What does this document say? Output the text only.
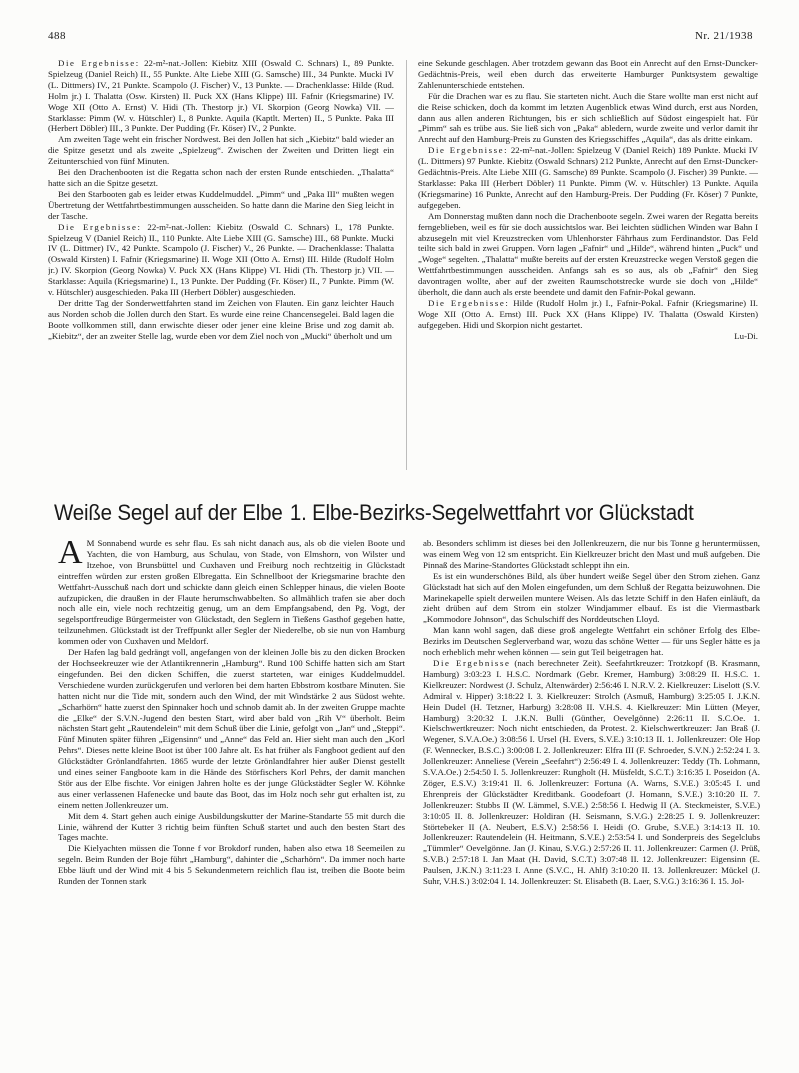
488	Nr. 21/1938

Die Ergebnisse: 22-m²-nat.-Jollen: Kiebitz XIII (Oswald C. Schnars) I., 89 Punkte. Spielzeug (Daniel Reich) II., 55 Punkte. Alte Liebe XIII (G. Samsche) III., 34 Punkte. Mucki IV (L. Dittmers) IV., 21 Punkte. Scampolo (J. Fischer) V., 13 Punkte. — Drachenklasse: Hilde (Rud. Holm jr.) I. Thalatta (Osw. Kirsten) II. Puck XX (Hans Klippe) III. Fafnir (Kriegsmarine) IV. Woge XII (Otto A. Ernst) V. Hidi (Th. Thestorp jr.) VI. Skorpion (Georg Nowka) VII. — Starklasse: Pimm (W. v. Hütschler) I., 8 Punkte. Aquila (Kaptlt. Merten) II., 5 Punkte. Paka III (Herbert Döbler) III., 3 Punkte. Der Pudding (Fr. Köser) IV., 2 Punkte.

Am zweiten Tage weht ein frischer Nordwest. Bei den Jollen hat sich „Kiebitz“ bald wieder an die Spitze gesetzt und als zweite „Spielzeug“. Zwischen der Zweiten und Dritten liegt ein Zeitunterschied von fünf Minuten.

Bei den Drachenbooten ist die Regatta schon nach der ersten Runde entschieden. „Thalatta“ hatte sich an die Spitze gesetzt.

Bei den Starbooten gab es leider etwas Kuddelmuddel. „Pimm“ und „Paka III“ mußten wegen Übertretung der Wettfahrtbestimmungen ausscheiden. So hatte dann die Marine den Sieg leicht in der Tasche.

Die Ergebnisse: 22-m²-nat.-Jollen: Kiebitz (Oswald C. Schnars) I., 178 Punkte. Spielzeug V (Daniel Reich) II., 110 Punkte. Alte Liebe XIII (G. Samsche) III., 68 Punkte. Mucki IV (L. Dittmer) IV., 42 Punkte. Scampolo (J. Fischer) V., 26 Punkte. — Drachenklasse: Thalatta (Oswald Kirsten) I. Fafnir (Kriegsmarine) II. Woge XII (Otto A. Ernst) III. Hilde (Rudolf Holm jr.) IV. Skorpion (Georg Nowka) V. Puck XX (Hans Klippe) VI. Hidi (Th. Thestorp jr.) VII. — Starklasse: Aquila (Kriegsmarine) I., 13 Punkte. Der Pudding (Fr. Köser) II., 7 Punkte. Pimm (W. v. Hütschler) ausgeschieden. Paka III (Herbert Döbler) ausgeschieden.

Der dritte Tag der Sonderwettfahrten stand im Zeichen von Flauten. Ein ganz leichter Hauch aus Norden schob die Jollen durch den Start. Es wurde eine reine Chancensegelei. Bald lagen die Boote vollkommen still, dann erwischte dieser oder jener eine kleine Brise und zog damit ab. „Kiebitz“, der an zweiter Stelle lag, wurde eben vor dem Ziel noch von „Mucki“ überholt und um

eine Sekunde geschlagen. Aber trotzdem gewann das Boot ein Anrecht auf den Ernst-Duncker-Gedächtnis-Preis, weil eben durch das erweiterte Hamburger Punktsystem gewaltige Zahlenunterschiede entstehen.

Für die Drachen war es zu flau. Sie starteten nicht. Auch die Stare wollte man erst nicht auf die Reise schicken, doch da kommt im letzten Augenblick etwas Wind durch, erst aus Norden, dann aus allen anderen Richtungen, bis er sich schließlich auf Südost eingespielt hat. Für „Pimm“ sah es trübe aus. Sie ließ sich von „Paka“ abledern, wurde zweite und verlor damit ihr Anrecht auf den Hamburg-Preis zu Gunsten des Kriegsschiffes „Aquila“, das als dritte einkam.

Die Ergebnisse: 22-m²-nat.-Jollen: Spielzeug V (Daniel Reich) 189 Punkte. Mucki IV (L. Dittmers) 97 Punkte. Kiebitz (Oswald Schnars) 212 Punkte, Anrecht auf den Ernst-Duncker-Gedächtnis-Preis. Alte Liebe XIII (G. Samsche) 89 Punkte. Scampolo (J. Fischer) 39 Punkte. — Starklasse: Paka III (Herbert Döbler) 11 Punkte. Pimm (W. v. Hütschler) 13 Punkte. Aquila (Kriegsmarine) 16 Punkte, Anrecht auf den Hamburg-Preis. Der Pudding (Fr. Köser) 7 Punkte, aufgegeben.

Am Donnerstag mußten dann noch die Drachenboote segeln. Zwei waren der Regatta bereits ferngeblieben, weil es für sie doch aussichtslos war. Bei leichten südlichen Winden war Bahn I abzusegeln mit viel Kreuzstrecken vom Uhlenhorster Fährhaus zum Ferdinandstor. Das Feld teilte sich bald in zwei Gruppen. Vorn lagen „Fafnir“ und „Hilde“, während hinten „Puck“ und „Woge“ segelten. „Thalatta“ mußte bereits auf der ersten Kreuzstrecke wegen Verstoß gegen die Wettfahrtbestimmungen ausscheiden. Anfangs sah es so aus, als ob „Fafnir“ den Sieg davontragen wollte, aber auf der zweiten Raumschotstrecke wurde sie doch von „Hilde“ überholt, die dann auch als erste beendete und damit den Fafnir-Pokal gewann.

Die Ergebnisse: Hilde (Rudolf Holm jr.) I., Fafnir-Pokal. Fafnir (Kriegsmarine) II. Woge XII (Otto A. Ernst) III. Puck XX (Hans Klippe) IV. Thalatta (Oswald Kirsten) aufgegeben. Hidi und Skorpion nicht gestartet.
Lu-Di.

Weiße Segel auf der Elbe 1. Elbe-Bezirks-Segelwettfahrt vor Glückstadt

A M Sonnabend wurde es sehr flau. Es sah nicht danach aus, als ob die vielen Boote und Yachten, die von Hamburg, aus Schulau, von Stade, von Elmshorn, von Wilster und Itzehoe, von Brunsbüttel und Cuxhaven und Freiburg noch rechtzeitig in Glückstadt eintreffen würden zur ersten großen Elbregatta. Ein Schnellboot der Kriegsmarine brachte den Wettfahrt-Ausschuß nach dort und schickte dann gleich einen Schlepper hinaus, die vielen Boote aufzupicken, die draußen in der Flaute herumschwabbelten. So allmählich trafen sie aber doch noch alle ein, viele noch rechtzeitig genug, um an dem Empfangsabend, den Pg. Vogt, der segelsportfreudige Bürgermeister von Glückstadt, den Seglern in Tießens Gasthof gegeben hatte, teilzunehmen. Glückstadt ist der Treffpunkt aller Segler der Niederelbe, ob sie nun von Hamburg kommen oder von Cuxhaven und Meldorf.

Der Hafen lag bald gedrängt voll, angefangen von der kleinen Jolle bis zu den dicken Brocken der Hochseekreuzer wie der Atlantikrennerin „Hamburg“. Rund 100 Schiffe hatten sich am Start eingefunden. Bei den dicken Schiffen, die zuerst starteten, war einiges Kuddelmuddel. Verschiedene wurden zurückgerufen und verloren bei dem harten Ebbstrom kostbare Minuten. Sie hatten nicht nur die Tide mit, sondern auch den Wind, der mit Windstärke 2 aus Südost wehte. „Scharhörn“ hatte zuerst den Spinnaker hoch und schnob damit ab. In der zweiten Gruppe machte die „Elke“ der S.V.N.-Jugend den besten Start, wird aber bald von „Rih V“ überholt. Beim nächsten Start geht „Rautendelein“ mit dem Schuß über die Linie, gefolgt von „Jan“ und „Steppi“. Fünf Minuten später führen „Eigensinn“ und „Anne“ das Feld an. Hier sieht man auch den „Korl Pehrs“. Dieses nette kleine Boot ist über 100 Jahre alt. Es hat früher als Fangboot gedient auf den Glückstädter Grönlandfahrten. 1865 wurde der letzte Grönlandfahrer hier außer Dienst gestellt und eines seiner Fangboote kam in die Hände des Störfischers Korl Pehrs, der damit manchen Stör aus der Elbe fischte. Vor einigen Jahren holte es der junge Glückstädter Segler W. Köhnke aus einer verlassenen Hafenecke und baute das Boot, das im Holz noch sehr gut erhalten ist, zu einem netten Jollenkreuzer um.

Mit dem 4. Start gehen auch einige Ausbildungskutter der Marine-Standarte 55 mit durch die Linie, während der Kutter 3 richtig beim fünften Schuß startet und auch den besten Start des Tages machte.

Die Kielyachten müssen die Tonne f vor Brokdorf runden, haben also etwa 18 Seemeilen zu segeln. Beim Runden der Boje führt „Hamburg“, dahinter die „Scharhörn“. Da immer noch harte Ebbe läuft und der Wind mit 4 bis 5 Sekundenmetern reichlich flau ist, treiben die Boote beim Runden der Tonnen stark

ab. Besonders schlimm ist dieses bei den Jollenkreuzern, die nur bis Tonne g heruntermüssen, was einem Weg von 12 sm entspricht. Ein Kielkreuzer bricht den Mast und muß aufgeben. Die Pinnaß des Marine-Standortes Glückstadt schleppt ihn ein.

Es ist ein wunderschönes Bild, als über hundert weiße Segel über den Strom ziehen. Ganz Glückstadt hat sich auf den Molen eingefunden, um dem Schluß der Regatta beizuwohnen. Die Marinekapelle spielt derweilen muntere Weisen. Als das letzte Schiff in den Hafen einläuft, da zieht drüben auf dem Strom ein stolzer Windjammer elbauf. Es ist die Viermastbark „Kommodore Johnson“, das Schulschiff des Norddeutschen Lloyd.

Man kann wohl sagen, daß diese groß angelegte Wettfahrt ein schöner Erfolg des Elbe-Bezirks im Deutschen Seglerverband war, wozu das schöne Wetter — für uns Segler hätte es ja noch erheblich mehr wehen können — sein gut Teil beigetragen hat.

Die Ergebnisse (nach berechneter Zeit). Seefahrtkreuzer: Trotzkopf (B. Krasmann, Hamburg) 3:03:23 I. H.S.C. Nordmark (Gebr. Kremer, Hamburg) 3:08:29 II. H.S.C. 1. Kielkreuzer: Nordwest (J. Schulz, Altenwärder) 2:56:46 I. N.R.V. 2. Kielkreuzer: Liselott (S.V. Admiral v. Hipper) 3:18:22 I. 3. Kielkreuzer: Strolch (Asmuß, Hamburg) 3:25:05 I. J.K.N. Hein Dudel (H. Tetzner, Harburg) 3:28:08 II. V.H.S. 4. Kielkreuzer: Min Lütten (Meyer, Hamburg) 3:20:32 I. J.K.N. Bulli (Günther, Oevelgönne) 2:26:11 II. S.C.Oe. 1. Kielschwertkreuzer: Noch nicht entschieden, da Protest. 2. Kielschwertkreuzer: Jan Braß (J. Wegener, S.V.A.Oe.) 3:08:56 I. Ursel (H. Evers, S.V.E.) 3:10:13 II. 1. Jollenkreuzer: Ole Hop (F. Wennecker, B.S.C.) 3:00:08 I. 2. Jollenkreuzer: Elfra III (F. Schroeder, S.V.N.) 2:52:24 I. 3. Jollenkreuzer: Anneliese (Verein „Seefahrt“) 2:56:49 I. 4. Jollenkreuzer: Teddy (Th. Lohmann, S.V.A.Oe.) 2:54:50 I. 5. Jollenkreuzer: Rungholt (H. Müsfeldt, S.C.T.) 3:16:35 I. Poseidon (A. Zöger, E.S.V.) 3:19:41 II. 6. Jollenkreuzer: Fortuna (A. Warns, S.V.E.) 3:05:45 I. und Ehrenpreis der Glückstädter Kreditbank. Goodefoart (J. Homann, S.V.E.) 3:10:20 II. 7. Jollenkreuzer: Stubbs II (W. Lämmel, S.V.E.) 2:58:56 I. Hedwig II (A. Steckmeister, S.V.E.) 3:10:05 II. 8. Jollenkreuzer: Holdiran (H. Seismann, S.V.G.) 2:28:25 I. 9. Jollenkreuzer: Störtebeker II (A. Neubert, E.S.V.) 2:58:56 I. Heidi (O. Grube, S.V.E.) 3:14:13 II. 10. Jollenkreuzer: Rautendelein (H. Heitmann, S.V.E.) 2:53:54 I. und Sonderpreis des Segelclubs „Tümmler“ Oevelgönne. Jan (J. Kinau, S.V.G.) 2:57:26 II. 11. Jollenkreuzer: Carmen (J. Prüß, S.V.B.) 2:57:18 I. Jan Maat (H. David, S.C.T.) 3:07:48 II. 12. Jollenkreuzer: Eigensinn (E. Paulsen, J.K.N.) 3:11:23 I. Anne (S.V.C., H. Ahlf) 3:10:20 II. 13. Jollenkreuzer: Mückel (J. Suhr, V.H.S.) 3:02:04 I. 14. Jollenkreuzer: St. Elisabeth (B. Laer, S.V.G.) 3:16:36 I. 15. Jol-
